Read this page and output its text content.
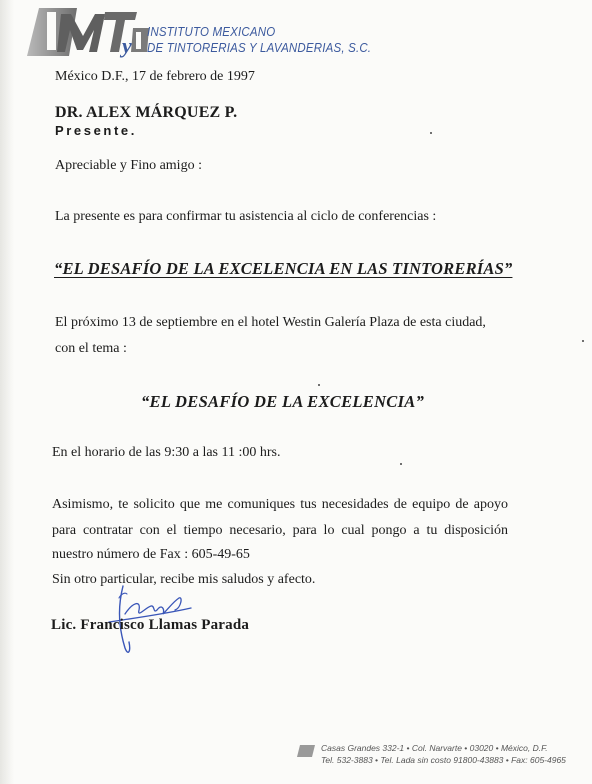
y
INSTITUTO MEXICANO
DE TINTORERIAS Y LAVANDERIAS, S.C.
México D.F., 17 de febrero de 1997
DR. ALEX MÁRQUEZ P.
Presente.
Apreciable y Fino amigo :
La presente es para confirmar tu asistencia al ciclo de conferencias :
“EL DESAFÍO DE LA EXCELENCIA EN LAS TINTORERÍAS”
El próximo 13 de septiembre en el hotel Westin Galería Plaza de esta ciudad,
con el tema :
“EL DESAFÍO DE LA EXCELENCIA”
En el horario de las 9:30 a las 11 :00 hrs.
Asimismo, te solicito que me comuniques tus necesidades de equipo de apoyo
para contratar con el tiempo necesario, para lo cual pongo a tu disposición
nuestro número de Fax : 605-49-65
Sin otro particular, recibe mis saludos y afecto.
Lic. Francisco Llamas Parada
Casas Grandes 332-1 • Col. Narvarte • 03020 • México, D.F.
Tel. 532-3883 • Tel. Lada sin costo 91800-43883 • Fax: 605-4965
